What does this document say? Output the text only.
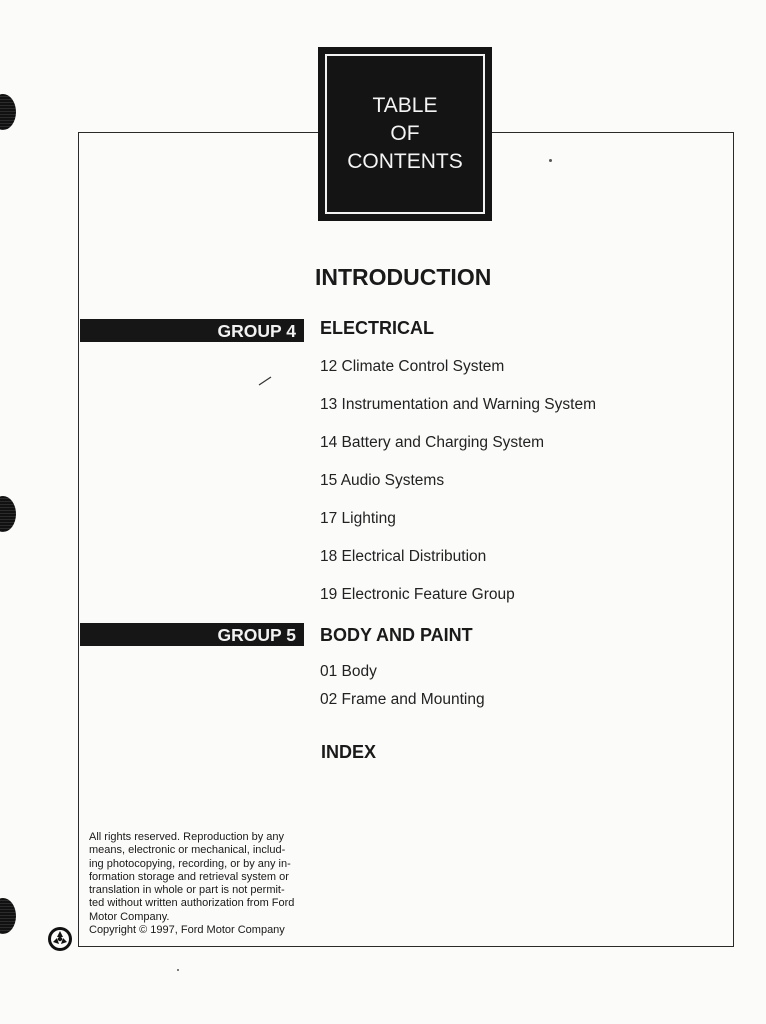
TABLE
OF
CONTENTS
INTRODUCTION
GROUP 4	ELECTRICAL
12 Climate Control System
13 Instrumentation and Warning System
14 Battery and Charging System
15 Audio Systems
17 Lighting
18 Electrical Distribution
19 Electronic Feature Group
GROUP 5	BODY AND PAINT
01 Body
02 Frame and Mounting
INDEX

All rights reserved. Reproduction by any

means, electronic or mechanical, includ-

ing photocopying, recording, or by any in-

formation storage and retrieval system or

translation in whole or part is not permit-

ted without written authorization from Ford

Motor Company.

Copyright © 1997, Ford Motor Company
